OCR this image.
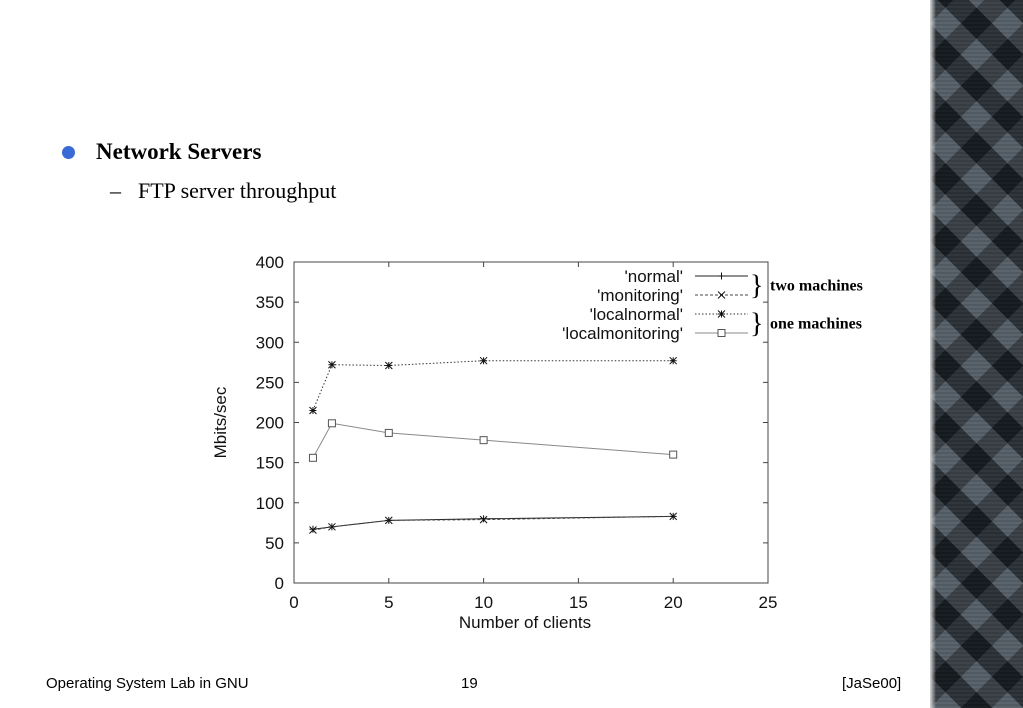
Network Servers
– FTP server throughput
0
50
100
150
200
250
300
350
400
0	5	10	15	20	25
Number of clients
Mbits/sec
'normal'
'monitoring'
'localnormal'
'localmonitoring'
} two machines
} one machines
Operating System Lab in GNU	19	[JaSe00]
